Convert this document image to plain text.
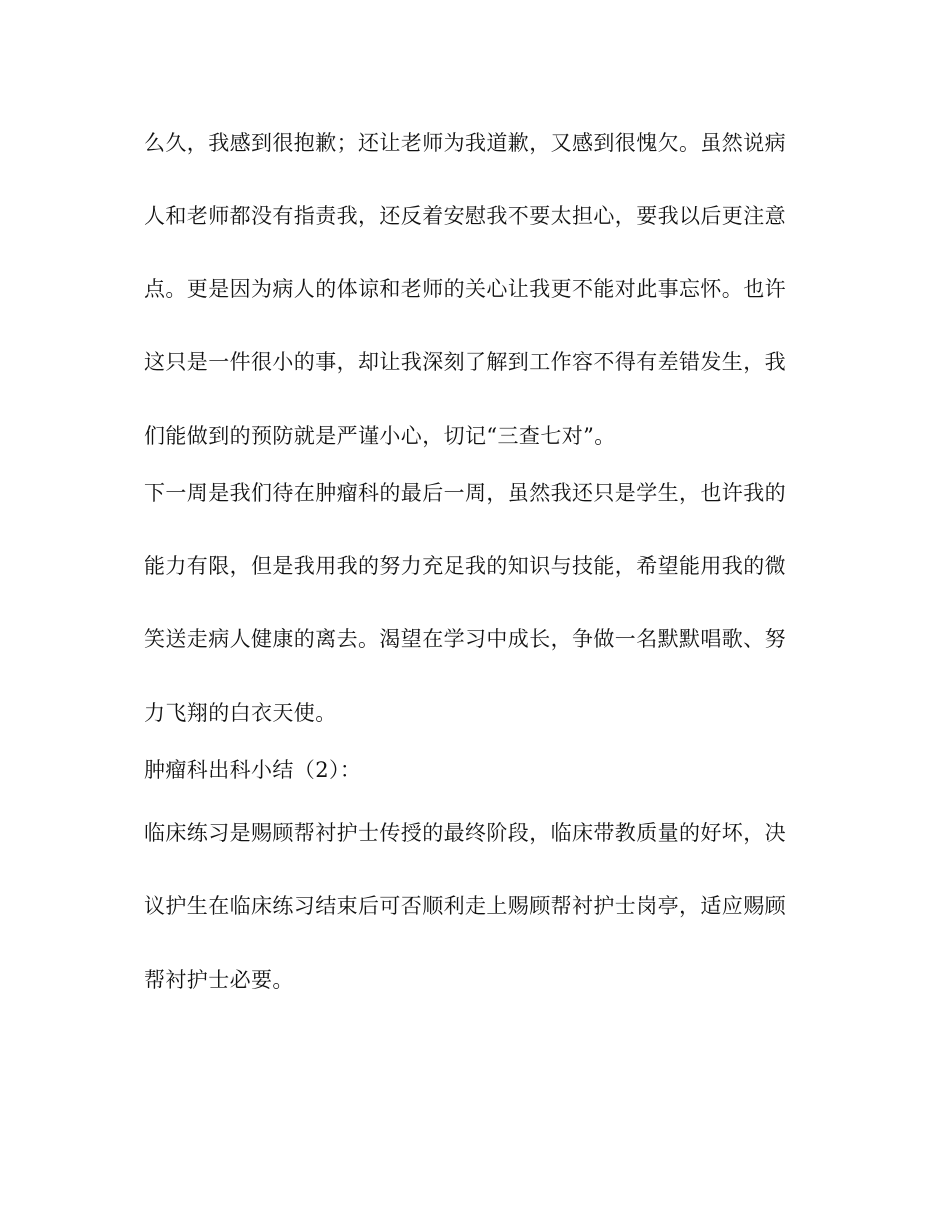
么久，我感到很抱歉；还让老师为我道歉，又感到很愧欠。虽然说病

人和老师都没有指责我，还反着安慰我不要太担心，要我以后更注意

点。更是因为病人的体谅和老师的关心让我更不能对此事忘怀。也许

这只是一件很小的事，却让我深刻了解到工作容不得有差错发生，我

们能做到的预防就是严谨小心，切记“三查七对”。

下一周是我们待在肿瘤科的最后一周，虽然我还只是学生，也许我的

能力有限，但是我用我的努力充足我的知识与技能，希望能用我的微

笑送走病人健康的离去。渴望在学习中成长，争做一名默默唱歌、努

力飞翔的白衣天使。

肿瘤科出科小结（2）：

临床练习是赐顾帮衬护士传授的最终阶段，临床带教质量的好坏，决

议护生在临床练习结束后可否顺利走上赐顾帮衬护士岗亭，适应赐顾

帮衬护士必要。
